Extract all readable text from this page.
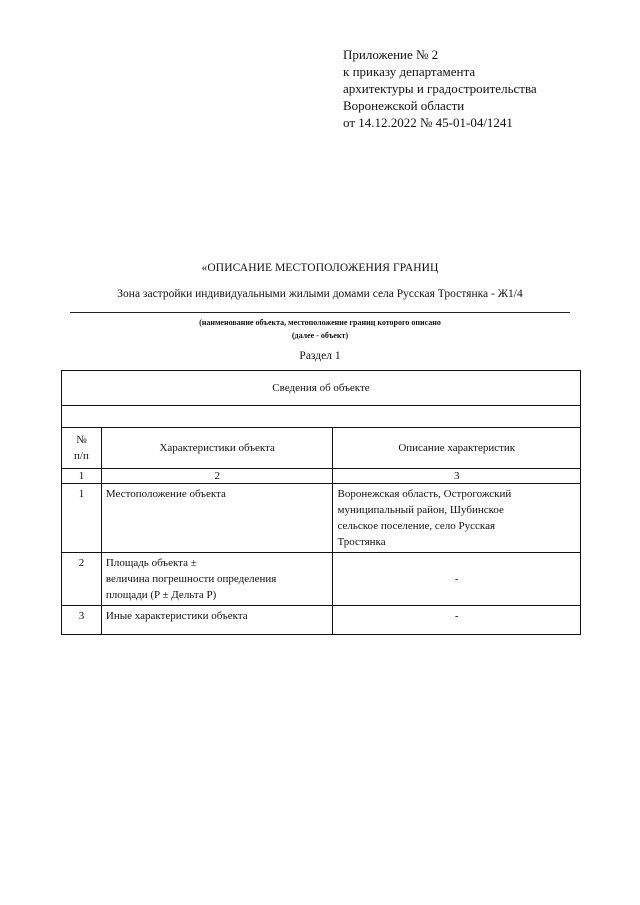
Приложение № 2
к приказу департамента
архитектуры и градостроительства
Воронежской области
от 14.12.2022 № 45-01-04/1241
«ОПИСАНИЕ МЕСТОПОЛОЖЕНИЯ ГРАНИЦ
Зона застройки индивидуальными жилыми домами села Русская Тростянка - Ж1/4
(наименование объекта, местоположение границ которого описано
(далее - объект)
Раздел 1
Сведения об объекте		

№
п/п	Характеристики объекта	Описание характеристик
1	2	3
1	Местоположение объекта	Воронежская область, Острогожский
муниципальный район, Шубинское
сельское поселение, село Русская
Тростянка

2	Площадь объекта ±
величина погрешности определения
площади (P ± Дельта P)	-
3	Иные характеристики объекта	-
